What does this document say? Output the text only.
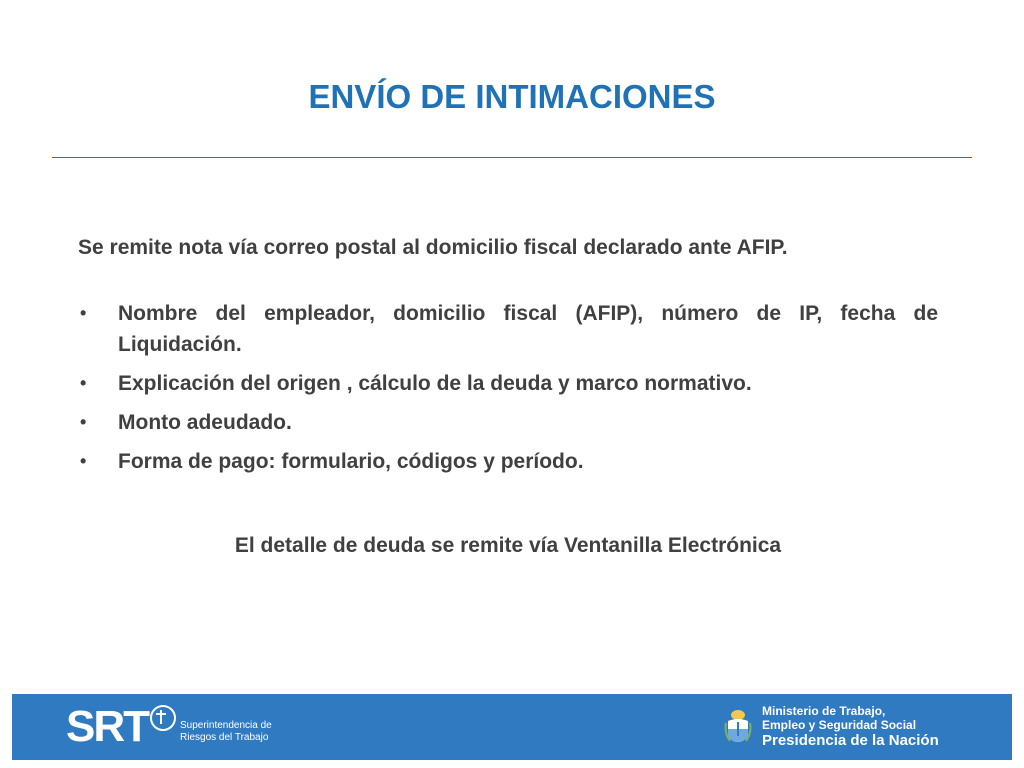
ENVÍO DE INTIMACIONES

Se remite nota vía correo postal al domicilio fiscal declarado ante AFIP.

• Nombre del empleador, domicilio fiscal (AFIP), número de IP, fecha de Liquidación.
• Explicación del origen , cálculo de la deuda y marco normativo.
• Monto adeudado.
• Forma de pago: formulario, códigos y período.
El detalle de deuda se remite vía Ventanilla Electrónica
SRT	Superintendencia de
Riesgos del Trabajo
Ministerio de Trabajo,
Empleo y Seguridad Social
Presidencia de la Nación
